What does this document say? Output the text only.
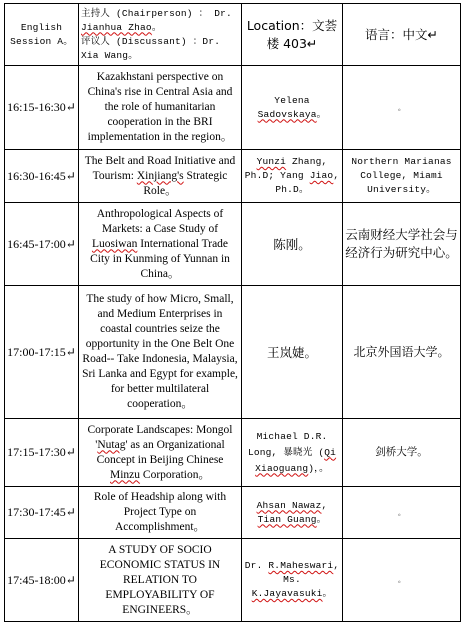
English Session A。	主持人 (Chairperson) ： Dr. Jianhua Zhao。
评议人 (Discussant) ：Dr. Xia Wang。	Location：文荟楼 403↵	语言：中文↵
16:15-16:30↵	Kazakhstani perspective on China's rise in Central Asia and the role of humanitarian cooperation in the BRI implementation in the region。	Yelena
Sadovskaya。	。
16:30-16:45↵	The Belt and Road Initiative and Tourism: Xinjiang's Strategic Role。	Yunzi Zhang, Ph.D; Yang Jiao, Ph.D。	Northern Marianas College, Miami University。
16:45-17:00↵	Anthropological Aspects of Markets: a Case Study of Luosiwan International Trade City in Kunming of Yunnan in China。	陈刚。	云南财经大学社会与经济行为研究中心。
17:00-17:15↵	The study of how Micro, Small, and Medium Enterprises in coastal countries seize the opportunity in the One Belt One Road-- Take Indonesia, Malaysia, Sri Lanka and Egypt for example, for better multilateral cooperation。	王岚婕。	北京外国语大学。
17:15-17:30↵	Corporate Landscapes: Mongol 'Nutag' as an Organizational Concept in Beijing Chinese Minzu Corporation。	Michael D.R. Long, 暴晓光 (Qi Xiaoguang)，。	剑桥大学。
17:30-17:45↵	Role of Headship along with Project Type on Accomplishment。	Ahsan Nawaz, Tian Guang。	。
17:45-18:00↵	A STUDY OF SOCIO ECONOMIC STATUS IN RELATION TO EMPLOYABILITY OF ENGINEERS。	Dr. R.Maheswari, Ms. K.Jayavasuki。	。
